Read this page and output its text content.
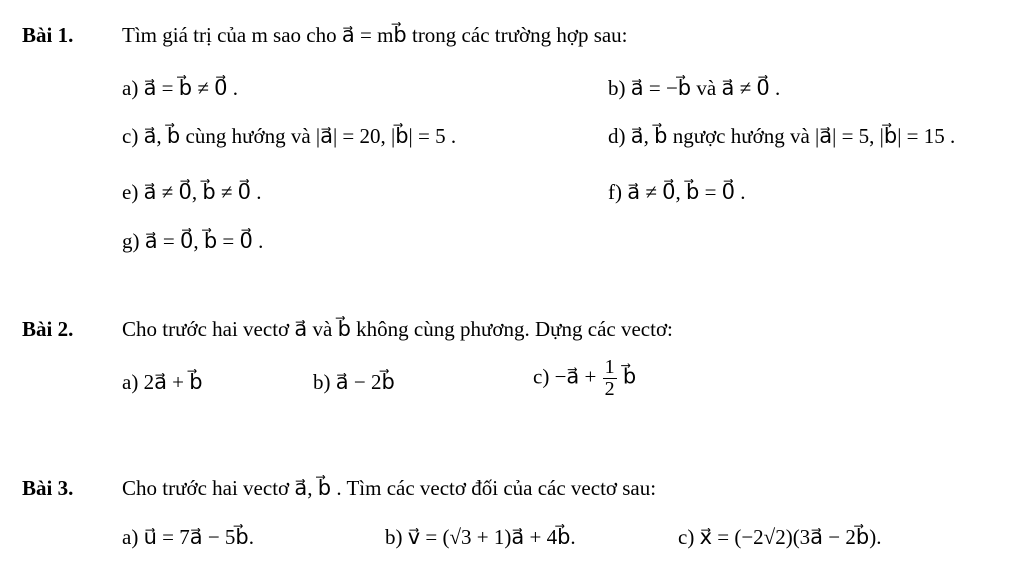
Bài 1. Tìm giá trị của m sao cho a⃗ = mb⃗ trong các trường hợp sau:
a) a⃗ = b⃗ ≠ 0⃗ .	b) a⃗ = −b⃗ và a⃗ ≠ 0⃗ .
c) a⃗, b⃗ cùng hướng và |a⃗| = 20, |b⃗| = 5 .	d) a⃗, b⃗ ngược hướng và |a⃗| = 5, |b⃗| = 15 .
e) a⃗ ≠ 0⃗, b⃗ ≠ 0⃗ .	f) a⃗ ≠ 0⃗, b⃗ = 0⃗ .
g) a⃗ = 0⃗, b⃗ = 0⃗ .
Bài 2. Cho trước hai vectơ a⃗ và b⃗ không cùng phương. Dựng các vectơ:
a) 2a⃗ + b⃗	b) a⃗ − 2b⃗	c) −a⃗ + $\frac{1}{2}$ b⃗
Bài 3. Cho trước hai vectơ a⃗, b⃗ . Tìm các vectơ đối của các vectơ sau:
a) u⃗ = 7a⃗ − 5b⃗.	b) v⃗ = (√3 + 1)a⃗ + 4b⃗.	c) x⃗ = (−2√2)(3a⃗ − 2b⃗).
